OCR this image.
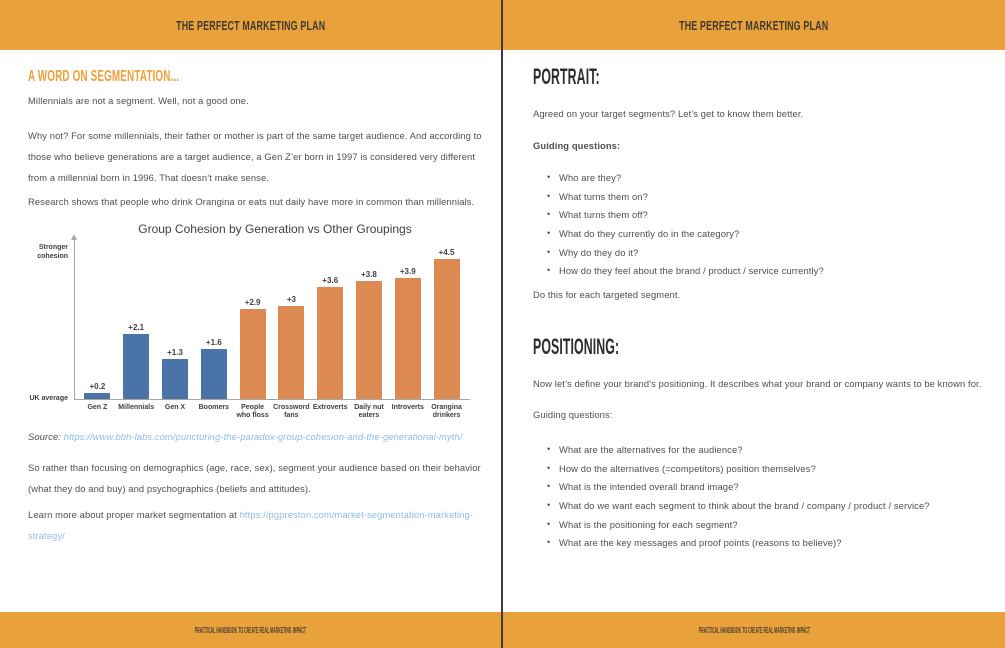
THE PERFECT MARKETING PLAN
A WORD ON SEGMENTATION...

Millennials are not a segment. Well, not a good one.

Why not? For some millennials, their father or mother is part of the same target audience. And according to those who believe generations are a target audience, a Gen Z’er born in 1997 is considered very different from a millennial born in 1996. That doesn’t make sense.

Research shows that people who drink Orangina or eats nut daily have more in common than millennials.

Group Cohesion by Generation vs Other Groupings
Stronger cohesion
UK average
+0.2
+2.1
+1.3
+1.6
+2.9	+3
+3.6
+3.8	+3.9
+4.5
Gen Z	Millennials	Gen X	Boomers	People who floss
Crossword fans
Extroverts Daily nut eaters
Introverts	Orangina drinkers

Source: https://www.bbh-labs.com/puncturing-the-paradox-group-cohesion-and-the-generational-myth/

So rather than focusing on demographics (age, race, sex), segment your audience based on their behavior (what they do and buy) and psychographics (beliefs and attitudes).

Learn more about proper market segmentation at https://pgpreston.com/market-segmentation-marketing-strategy/

PRACTICAL HANDBOOK TO CREATE REAL MARKETING IMPACT
THE PERFECT MARKETING PLAN
PORTRAIT:

Agreed on your target segments? Let’s get to know them better.

Guiding questions:

• Who are they?
• What turns them on?
• What turns them off?
• What do they currently do in the category?
• Why do they do it?
• How do they feel about the brand / product / service currently?

Do this for each targeted segment.

POSITIONING:

Now let’s define your brand’s positioning. It describes what your brand or company wants to be known for.

Guiding questions:

• What are the alternatives for the audience?
• How do the alternatives (=competitors) position themselves?
• What is the intended overall brand image?
• What do we want each segment to think about the brand / company / product / service?
• What is the positioning for each segment?
• What are the key messages and proof points (reasons to believe)?
PRACTICAL HANDBOOK TO CREATE REAL MARKETING IMPACT
